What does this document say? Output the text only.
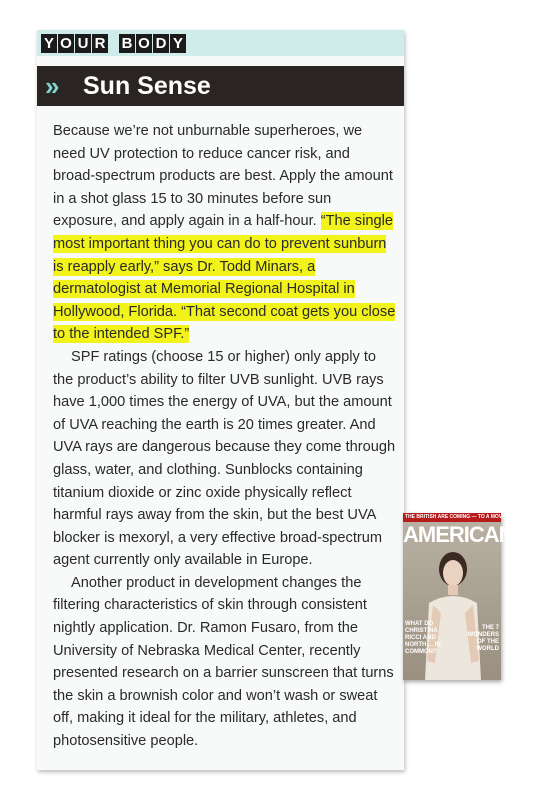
Y O U R B O D Y
» Sun Sense

Because we’re not unburnable superheroes, we need UV protection to reduce cancer risk, and broad-spectrum products are best. Apply the amount in a shot glass 15 to 30 minutes before sun exposure, and apply again in a half-hour. “The single most important thing you can do to prevent sunburn is reapply early,” says Dr. Todd Minars, a dermatologist at Memorial Regional Hospital in Hollywood, Florida. “That second coat gets you close to the intended SPF.”

SPF ratings (choose 15 or higher) only apply to the product’s ability to filter UVB sunlight. UVB rays have 1,000 times the energy of UVA, but the amount of UVA reaching the earth is 20 times greater. And UVA rays are dangerous because they come through glass, water, and clothing. Sunblocks containing titanium dioxide or zinc oxide physically reflect harmful rays away from the skin, but the best UVA blocker is mexoryl, a very effective broad-spectrum agent currently only available in Europe.

Another product in development changes the filtering characteristics of skin through consistent nightly application. Dr. Ramon Fusaro, from the University of Nebraska Medical Center, recently presented research on a barrier sunscreen that turns the skin a brownish color and won’t wash or sweat off, making it ideal for the military, athletes, and photosensitive people.

THE BRITISH ARE COMING — TO A MOVIE STORE NEAR YOU
AMERICANWAY
WHAT DO CHRISTINA RICCI AND NORTH ... IN COMMON?
THE 7 WONDERS OF THE WORLD
